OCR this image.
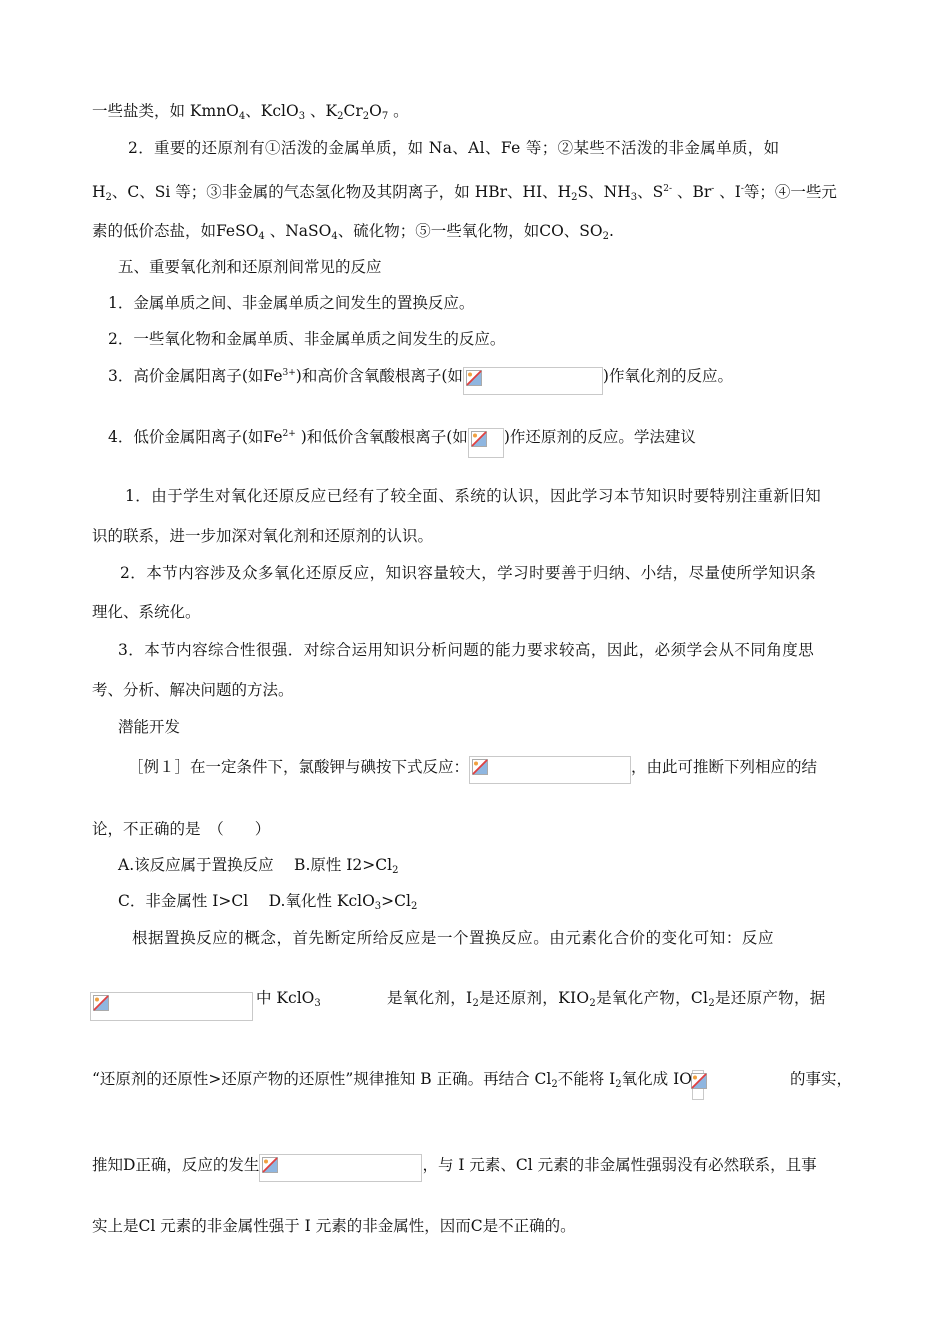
一些盐类，如 KmnO$_4$、KclO$_3$ 、$K_2Cr_2O_7$ 。
2．重要的还原剂有①活泼的金属单质，如 Na、Al、Fe 等；②某些不活泼的非金属单质，如
$H_2$、C、Si 等；③非金属的气态氢化物及其阴离子，如 HBr、HI、$H_2S$、$NH_3$、$S^{2-}$ 、Br- 、I-等；④一些元
素的低价态盐，如FeSO$_4$ 、NaSO$_4$、硫化物；⑤一些氧化物，如CO、$SO_2$.
五、重要氧化剂和还原剂间常见的反应
1．金属单质之间、非金属单质之间发生的置换反应。
2．一些氧化物和金属单质、非金属单质之间发生的反应。
3．高价金属阳离子(如$Fe^{3+}$)和高价含氧酸根离子(如	)作氧化剂的反应。
4．低价金属阳离子(如$Fe^{2+}$ )和低价含氧酸根离子(如 )作还原剂的反应。学法建议
1．由于学生对氧化还原反应已经有了较全面、系统的认识，因此学习本节知识时要特别注重新旧知
识的联系，进一步加深对氧化剂和还原剂的认识。
2．本节内容涉及众多氧化还原反应，知识容量较大，学习时要善于归纳、小结，尽量使所学知识条
理化、系统化。
3．本节内容综合性很强．对综合运用知识分析问题的能力要求较高，因此，必须学会从不同角度思
考、分析、解决问题的方法。
潜能开发
［例１］在一定条件下，氯酸钾与碘按下式反应：	，由此可推断下列相应的结
论，不正确的是　（　　）
A.该反应属于置换反应　 B.原性 $I2>Cl_2$
C．非金属性 I>Cl　 D.氧化性 $KclO_3>Cl_2$
根据置换反应的概念，首先断定所给反应是一个置换反应。由元素化合价的变化可知：反应
中 KclO$_3$	是氧化剂，$I_2$是还原剂，$KIO_2$是氧化产物，$Cl_2$是还原产物，据
“还原剂的还原性>还原产物的还原性”规律推知 B 正确。再结合 $Cl_2$不能将 $I_2$氧化成 IO	的事实，
推知D正确，反应的发生	，与 I 元素、Cl 元素的非金属性强弱没有必然联系，且事
实上是Cl 元素的非金属性强于 I 元素的非金属性，因而C是不正确的。
